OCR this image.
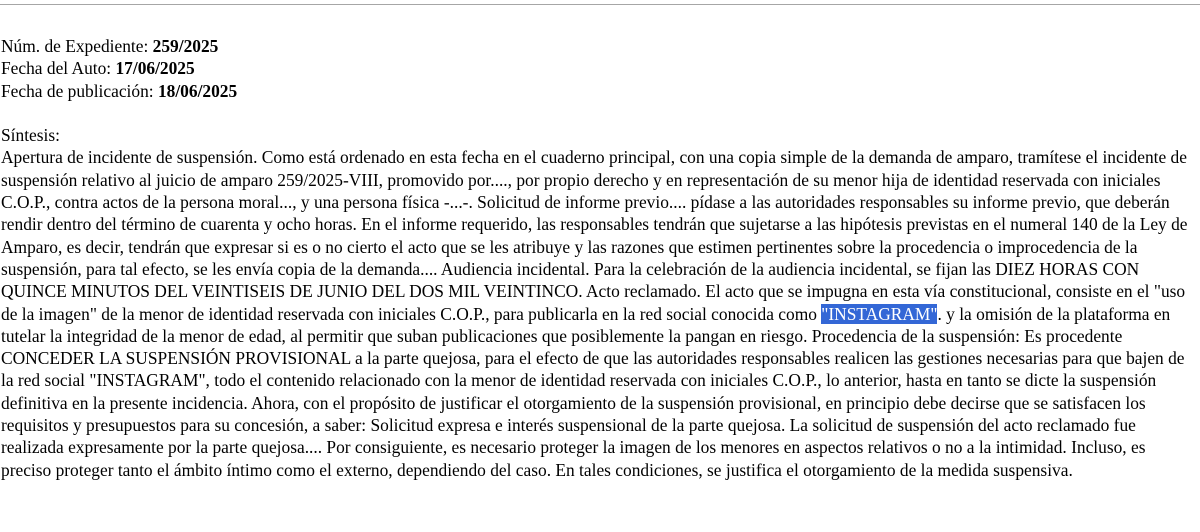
Núm. de Expediente: 259/2025
Fecha del Auto: 17/06/2025
Fecha de publicación: 18/06/2025
Síntesis:

Apertura de incidente de suspensión. Como está ordenado en esta fecha en el cuaderno principal, con una copia simple de la demanda de amparo, tramítese el incidente de suspensión relativo al juicio de amparo 259/2025-VIII, promovido por...., por propio derecho y en representación de su menor hija de identidad reservada con iniciales C.O.P., contra actos de la persona moral..., y una persona física -...-. Solicitud de informe previo.... pídase a las autoridades responsables su informe previo, que deberán rendir dentro del término de cuarenta y ocho horas. En el informe requerido, las responsables tendrán que sujetarse a las hipótesis previstas en el numeral 140 de la Ley de Amparo, es decir, tendrán que expresar si es o no cierto el acto que se les atribuye y las razones que estimen pertinentes sobre la procedencia o improcedencia de la suspensión, para tal efecto, se les envía copia de la demanda.... Audiencia incidental. Para la celebración de la audiencia incidental, se fijan las DIEZ HORAS CON QUINCE MINUTOS DEL VEINTISEIS DE JUNIO DEL DOS MIL VEINTINCO. Acto reclamado. El acto que se impugna en esta vía constitucional, consiste en el "uso de la imagen" de la menor de identidad reservada con iniciales C.O.P., para publicarla en la red social conocida como "INSTAGRAM". y la omisión de la plataforma en tutelar la integridad de la menor de edad, al permitir que suban publicaciones que posiblemente la pangan en riesgo. Procedencia de la suspensión: Es procedente CONCEDER LA SUSPENSIÓN PROVISIONAL a la parte quejosa, para el efecto de que las autoridades responsables realicen las gestiones necesarias para que bajen de la red social "INSTAGRAM", todo el contenido relacionado con la menor de identidad reservada con iniciales C.O.P., lo anterior, hasta en tanto se dicte la suspensión definitiva en la presente incidencia. Ahora, con el propósito de justificar el otorgamiento de la suspensión provisional, en principio debe decirse que se satisfacen los requisitos y presupuestos para su concesión, a saber: Solicitud expresa e interés suspensional de la parte quejosa. La solicitud de suspensión del acto reclamado fue realizada expresamente por la parte quejosa.... Por consiguiente, es necesario proteger la imagen de los menores en aspectos relativos o no a la intimidad. Incluso, es preciso proteger tanto el ámbito íntimo como el externo, dependiendo del caso. En tales condiciones, se justifica el otorgamiento de la medida suspensiva.
